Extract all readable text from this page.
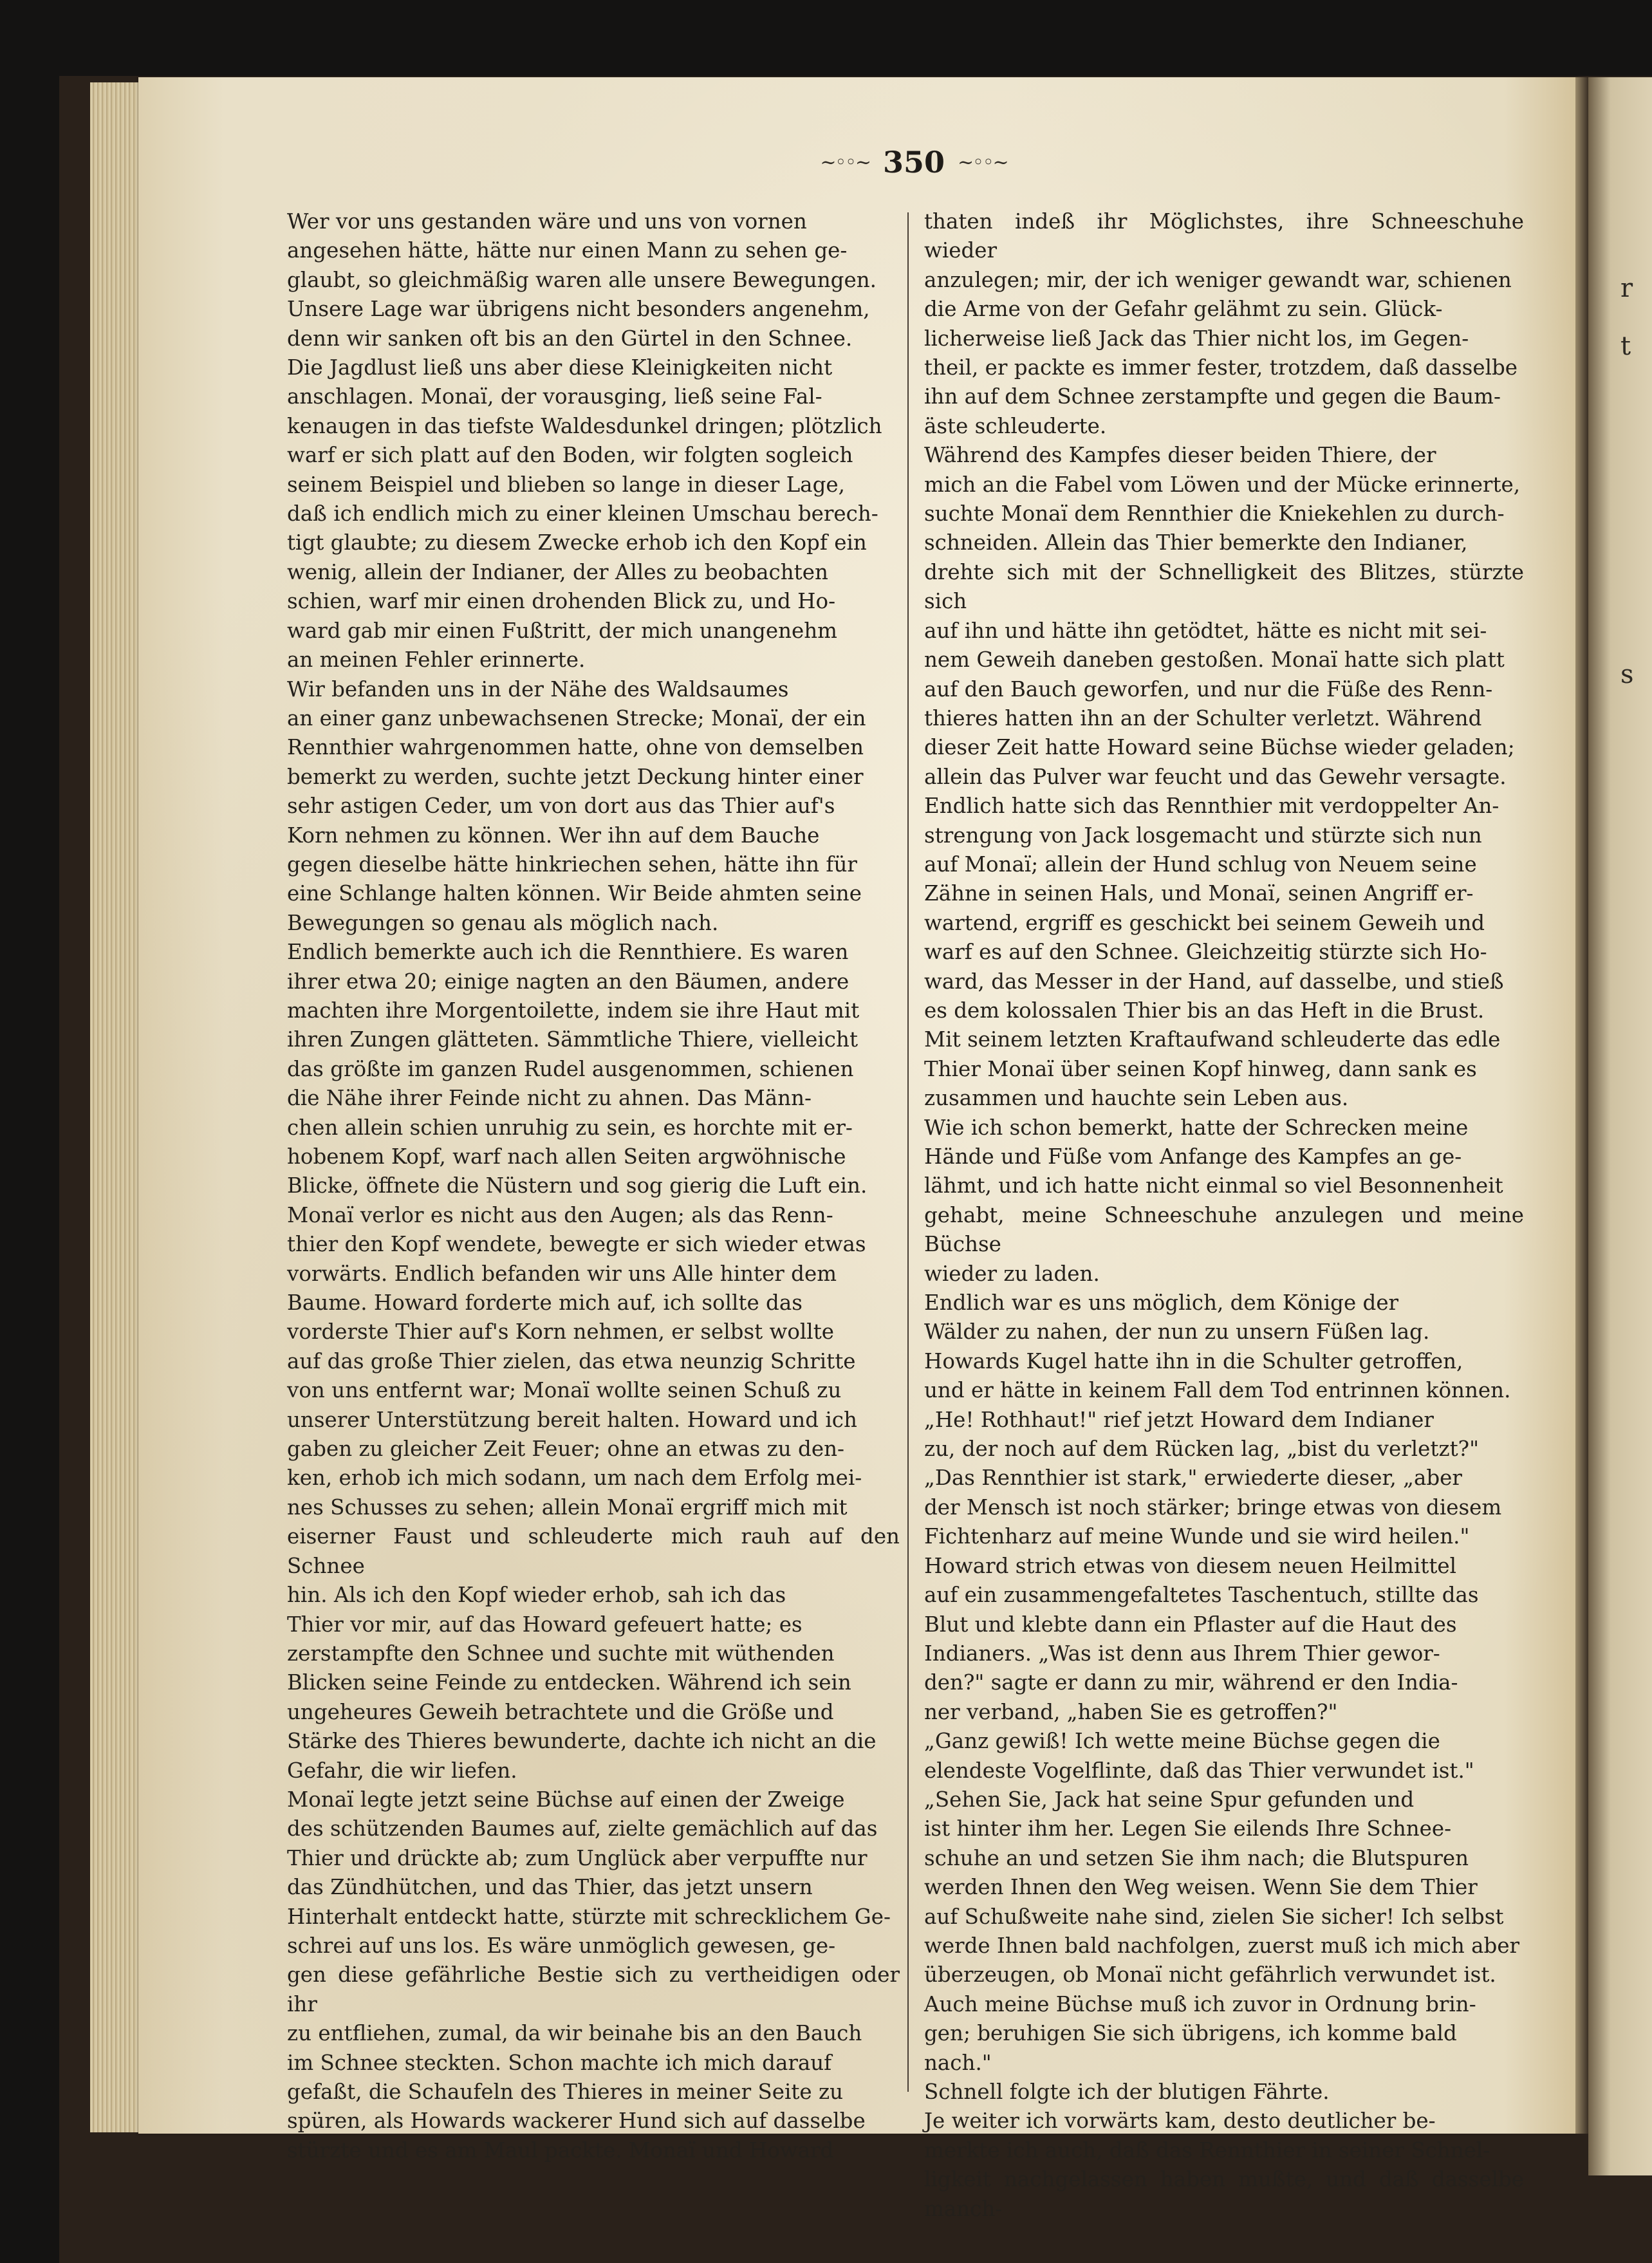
r
t
s
~◦◦~ 350 ~◦◦~

Wer vor uns gestanden wäre und uns von vornen
angesehen hätte, hätte nur einen Mann zu sehen ge-
glaubt, so gleichmäßig waren alle unsere Bewegungen.

Unsere Lage war übrigens nicht besonders angenehm,
denn wir sanken oft bis an den Gürtel in den Schnee.
Die Jagdlust ließ uns aber diese Kleinigkeiten nicht
anschlagen. Monaï, der vorausging, ließ seine Fal-
kenaugen in das tiefste Waldesdunkel dringen; plötzlich
warf er sich platt auf den Boden, wir folgten sogleich
seinem Beispiel und blieben so lange in dieser Lage,
daß ich endlich mich zu einer kleinen Umschau berech-
tigt glaubte; zu diesem Zwecke erhob ich den Kopf ein
wenig, allein der Indianer, der Alles zu beobachten
schien, warf mir einen drohenden Blick zu, und Ho-
ward gab mir einen Fußtritt, der mich unangenehm
an meinen Fehler erinnerte.

Wir befanden uns in der Nähe des Waldsaumes
an einer ganz unbewachsenen Strecke; Monaï, der ein
Rennthier wahrgenommen hatte, ohne von demselben
bemerkt zu werden, suchte jetzt Deckung hinter einer
sehr astigen Ceder, um von dort aus das Thier auf's
Korn nehmen zu können. Wer ihn auf dem Bauche
gegen dieselbe hätte hinkriechen sehen, hätte ihn für
eine Schlange halten können. Wir Beide ahmten seine
Bewegungen so genau als möglich nach.

Endlich bemerkte auch ich die Rennthiere. Es waren
ihrer etwa 20; einige nagten an den Bäumen, andere
machten ihre Morgentoilette, indem sie ihre Haut mit
ihren Zungen glätteten. Sämmtliche Thiere, vielleicht
das größte im ganzen Rudel ausgenommen, schienen
die Nähe ihrer Feinde nicht zu ahnen. Das Männ-
chen allein schien unruhig zu sein, es horchte mit er-
hobenem Kopf, warf nach allen Seiten argwöhnische
Blicke, öffnete die Nüstern und sog gierig die Luft ein.
Monaï verlor es nicht aus den Augen; als das Renn-
thier den Kopf wendete, bewegte er sich wieder etwas
vorwärts. Endlich befanden wir uns Alle hinter dem
Baume. Howard forderte mich auf, ich sollte das
vorderste Thier auf's Korn nehmen, er selbst wollte
auf das große Thier zielen, das etwa neunzig Schritte
von uns entfernt war; Monaï wollte seinen Schuß zu
unserer Unterstützung bereit halten. Howard und ich
gaben zu gleicher Zeit Feuer; ohne an etwas zu den-
ken, erhob ich mich sodann, um nach dem Erfolg mei-
nes Schusses zu sehen; allein Monaï ergriff mich mit
eiserner Faust und schleuderte mich rauh auf den Schnee
hin. Als ich den Kopf wieder erhob, sah ich das
Thier vor mir, auf das Howard gefeuert hatte; es
zerstampfte den Schnee und suchte mit wüthenden
Blicken seine Feinde zu entdecken. Während ich sein
ungeheures Geweih betrachtete und die Größe und
Stärke des Thieres bewunderte, dachte ich nicht an die
Gefahr, die wir liefen.

Monaï legte jetzt seine Büchse auf einen der Zweige
des schützenden Baumes auf, zielte gemächlich auf das
Thier und drückte ab; zum Unglück aber verpuffte nur
das Zündhütchen, und das Thier, das jetzt unsern
Hinterhalt entdeckt hatte, stürzte mit schrecklichem Ge-
schrei auf uns los. Es wäre unmöglich gewesen, ge-
gen diese gefährliche Bestie sich zu vertheidigen oder ihr
zu entfliehen, zumal, da wir beinahe bis an den Bauch
im Schnee steckten. Schon machte ich mich darauf
gefaßt, die Schaufeln des Thieres in meiner Seite zu
spüren, als Howards wackerer Hund sich auf dasselbe
stürzte und es am Maul packte. Monaï und Howard

thaten indeß ihr Möglichstes, ihre Schneeschuhe wieder
anzulegen; mir, der ich weniger gewandt war, schienen
die Arme von der Gefahr gelähmt zu sein. Glück-
licherweise ließ Jack das Thier nicht los, im Gegen-
theil, er packte es immer fester, trotzdem, daß dasselbe
ihn auf dem Schnee zerstampfte und gegen die Baum-
äste schleuderte.

Während des Kampfes dieser beiden Thiere, der
mich an die Fabel vom Löwen und der Mücke erinnerte,
suchte Monaï dem Rennthier die Kniekehlen zu durch-
schneiden. Allein das Thier bemerkte den Indianer,
drehte sich mit der Schnelligkeit des Blitzes, stürzte sich
auf ihn und hätte ihn getödtet, hätte es nicht mit sei-
nem Geweih daneben gestoßen. Monaï hatte sich platt
auf den Bauch geworfen, und nur die Füße des Renn-
thieres hatten ihn an der Schulter verletzt. Während
dieser Zeit hatte Howard seine Büchse wieder geladen;
allein das Pulver war feucht und das Gewehr versagte.
Endlich hatte sich das Rennthier mit verdoppelter An-
strengung von Jack losgemacht und stürzte sich nun
auf Monaï; allein der Hund schlug von Neuem seine
Zähne in seinen Hals, und Monaï, seinen Angriff er-
wartend, ergriff es geschickt bei seinem Geweih und
warf es auf den Schnee. Gleichzeitig stürzte sich Ho-
ward, das Messer in der Hand, auf dasselbe, und stieß
es dem kolossalen Thier bis an das Heft in die Brust.
Mit seinem letzten Kraftaufwand schleuderte das edle
Thier Monaï über seinen Kopf hinweg, dann sank es
zusammen und hauchte sein Leben aus.

Wie ich schon bemerkt, hatte der Schrecken meine
Hände und Füße vom Anfange des Kampfes an ge-
lähmt, und ich hatte nicht einmal so viel Besonnenheit
gehabt, meine Schneeschuhe anzulegen und meine Büchse
wieder zu laden.

Endlich war es uns möglich, dem Könige der
Wälder zu nahen, der nun zu unsern Füßen lag.
Howards Kugel hatte ihn in die Schulter getroffen,
und er hätte in keinem Fall dem Tod entrinnen können.

„He! Rothhaut!" rief jetzt Howard dem Indianer
zu, der noch auf dem Rücken lag, „bist du verletzt?"

„Das Rennthier ist stark," erwiederte dieser, „aber
der Mensch ist noch stärker; bringe etwas von diesem
Fichtenharz auf meine Wunde und sie wird heilen."

Howard strich etwas von diesem neuen Heilmittel
auf ein zusammengefaltetes Taschentuch, stillte das
Blut und klebte dann ein Pflaster auf die Haut des
Indianers. „Was ist denn aus Ihrem Thier gewor-
den?" sagte er dann zu mir, während er den India-
ner verband, „haben Sie es getroffen?"

„Ganz gewiß! Ich wette meine Büchse gegen die
elendeste Vogelflinte, daß das Thier verwundet ist."

„Sehen Sie, Jack hat seine Spur gefunden und
ist hinter ihm her. Legen Sie eilends Ihre Schnee-
schuhe an und setzen Sie ihm nach; die Blutspuren
werden Ihnen den Weg weisen. Wenn Sie dem Thier
auf Schußweite nahe sind, zielen Sie sicher! Ich selbst
werde Ihnen bald nachfolgen, zuerst muß ich mich aber
überzeugen, ob Monaï nicht gefährlich verwundet ist.
Auch meine Büchse muß ich zuvor in Ordnung brin-
gen; beruhigen Sie sich übrigens, ich komme bald
nach."

Schnell folgte ich der blutigen Fährte.

Je weiter ich vorwärts kam, desto deutlicher be-
merkte ich auch, daß das Rennthier in seiner Schnel-
ligkeit nachgelassen haben mußte, und daß dasselbe manch-
